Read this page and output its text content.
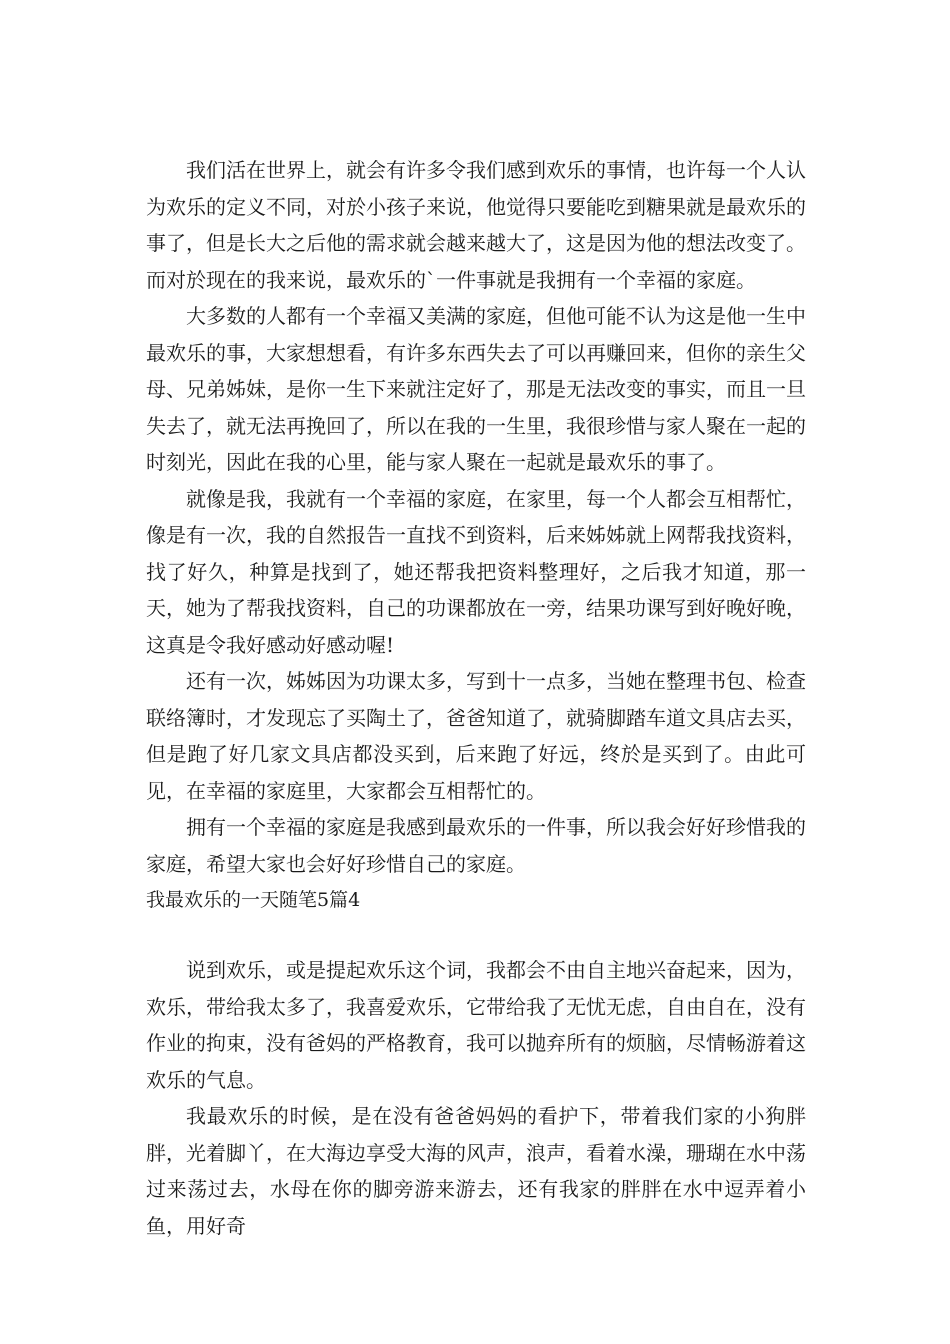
我们活在世界上，就会有许多令我们感到欢乐的事情，也许每一个人认为欢乐的定义不同，对於小孩子来说，他觉得只要能吃到糖果就是最欢乐的事了，但是长大之后他的需求就会越来越大了，这是因为他的想法改变了。而对於现在的我来说，最欢乐的`一件事就是我拥有一个幸福的家庭。

大多数的人都有一个幸福又美满的家庭，但他可能不认为这是他一生中最欢乐的事，大家想想看，有许多东西失去了可以再赚回来，但你的亲生父母、兄弟姊妹，是你一生下来就注定好了，那是无法改变的事实，而且一旦失去了，就无法再挽回了，所以在我的一生里，我很珍惜与家人聚在一起的时刻光，因此在我的心里，能与家人聚在一起就是最欢乐的事了。

就像是我，我就有一个幸福的家庭，在家里，每一个人都会互相帮忙，像是有一次，我的自然报告一直找不到资料，后来姊姊就上网帮我找资料，找了好久，种算是找到了，她还帮我把资料整理好，之后我才知道，那一天，她为了帮我找资料，自己的功课都放在一旁，结果功课写到好晚好晚，这真是令我好感动好感动喔!

还有一次，姊姊因为功课太多，写到十一点多，当她在整理书包、检查联络簿时，才发现忘了买陶土了，爸爸知道了，就骑脚踏车道文具店去买，但是跑了好几家文具店都没买到，后来跑了好远，终於是买到了。由此可见，在幸福的家庭里，大家都会互相帮忙的。

拥有一个幸福的家庭是我感到最欢乐的一件事，所以我会好好珍惜我的家庭，希望大家也会好好珍惜自己的家庭。

我最欢乐的一天随笔5篇4

说到欢乐，或是提起欢乐这个词，我都会不由自主地兴奋起来，因为，欢乐，带给我太多了，我喜爱欢乐，它带给我了无忧无虑，自由自在，没有作业的拘束，没有爸妈的严格教育，我可以抛弃所有的烦脑，尽情畅游着这欢乐的气息。

我最欢乐的时候，是在没有爸爸妈妈的看护下，带着我们家的小狗胖胖，光着脚丫，在大海边享受大海的风声，浪声，看着水澡，珊瑚在水中荡过来荡过去，水母在你的脚旁游来游去，还有我家的胖胖在水中逗弄着小鱼，用好奇
